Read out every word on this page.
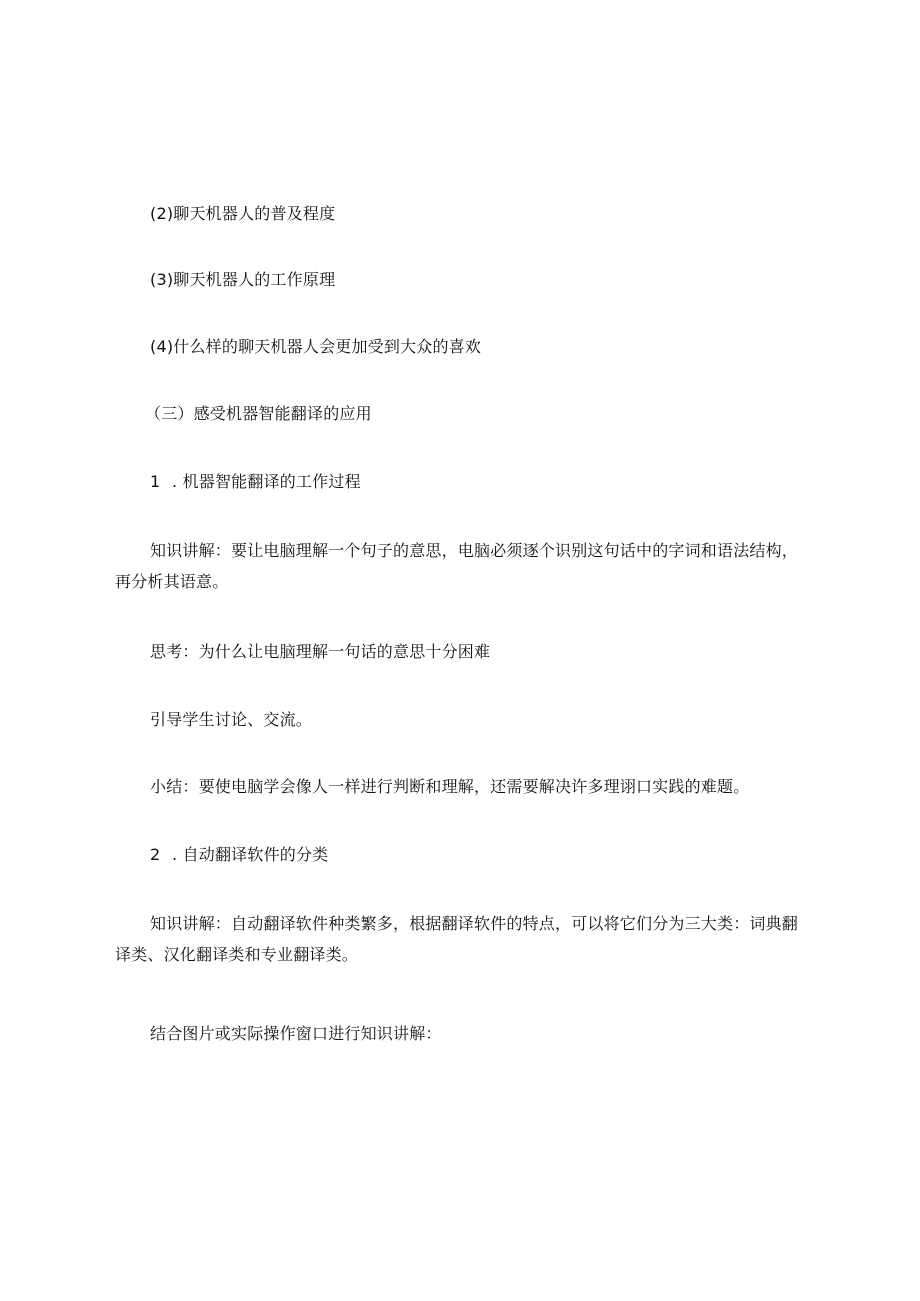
(2)聊天机器人的普及程度
(3)聊天机器人的工作原理
(4)什么样的聊天机器人会更加受到大众的喜欢
（三）感受机器智能翻译的应用
1 . 机器智能翻译的工作过程
知识讲解：要让电脑理解一个句子的意思，电脑必须逐个识别这句话中的字词和语法结构，再分析其语意。
思考：为什么让电脑理解一句话的意思十分困难
引导学生讨论、交流。
小结：要使电脑学会像人一样进行判断和理解，还需要解决许多理诩口实践的难题。
2 . 自动翻译软件的分类
知识讲解：自动翻译软件种类繁多，根据翻译软件的特点，可以将它们分为三大类：词典翻译类、汉化翻译类和专业翻译类。
结合图片或实际操作窗口进行知识讲解：
